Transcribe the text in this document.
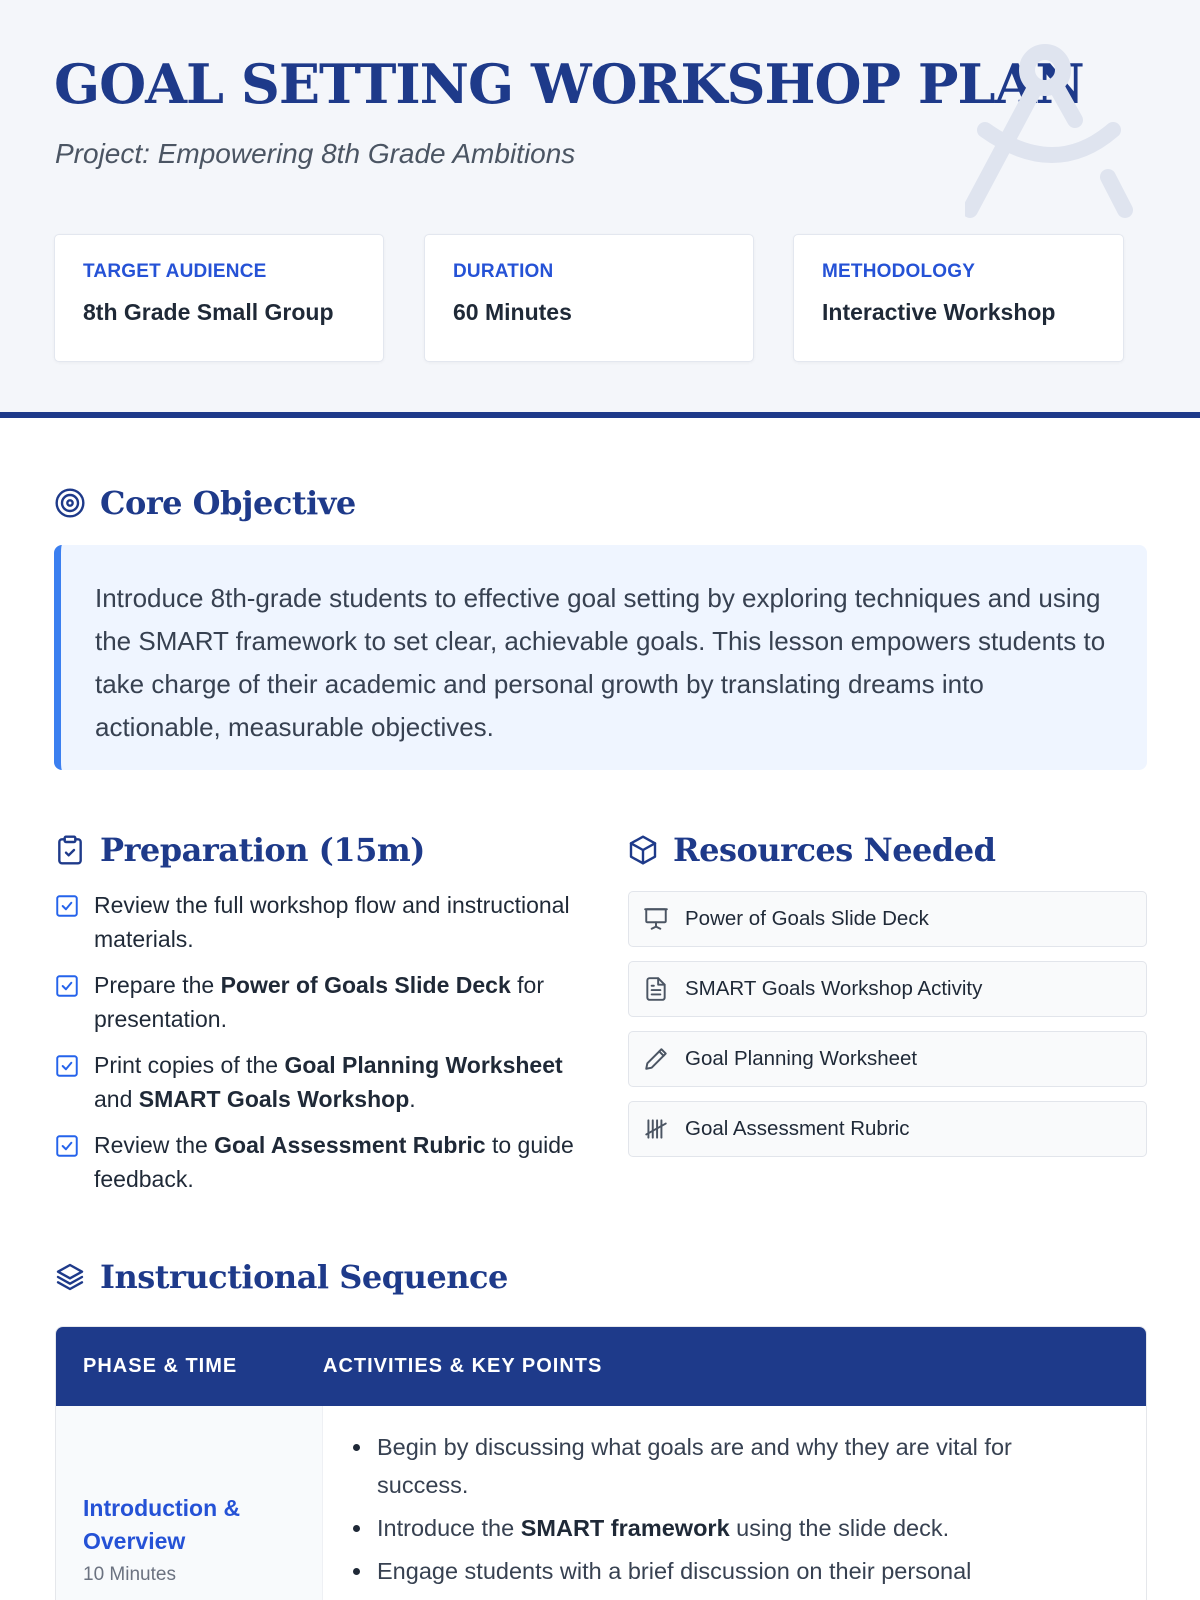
GOAL SETTING WORKSHOP PLAN

Project: Empowering 8th Grade Ambitions

TARGET AUDIENCE
8th Grade Small Group
DURATION
60 Minutes
METHODOLOGY
Interactive Workshop
Core Objective
Introduce 8th-grade students to effective goal setting by exploring techniques and using the SMART framework to set clear, achievable goals. This lesson empowers students to take charge of their academic and personal growth by translating dreams into actionable, measurable objectives.
Preparation (15m)
Review the full workshop flow and instructional materials.
Prepare the Power of Goals Slide Deck for presentation.
Print copies of the Goal Planning Worksheet and SMART Goals Workshop.
Review the Goal Assessment Rubric to guide feedback.
Resources Needed
Power of Goals Slide Deck
SMART Goals Workshop Activity
Goal Planning Worksheet
Goal Assessment Rubric
Instructional Sequence
PHASE & TIME	ACTIVITIES & KEY POINTS
Introduction & Overview
10 Minutes
Begin by discussing what goals are and why they are vital for success.
Introduce the SMART framework using the slide deck.
Engage students with a brief discussion on their personal
